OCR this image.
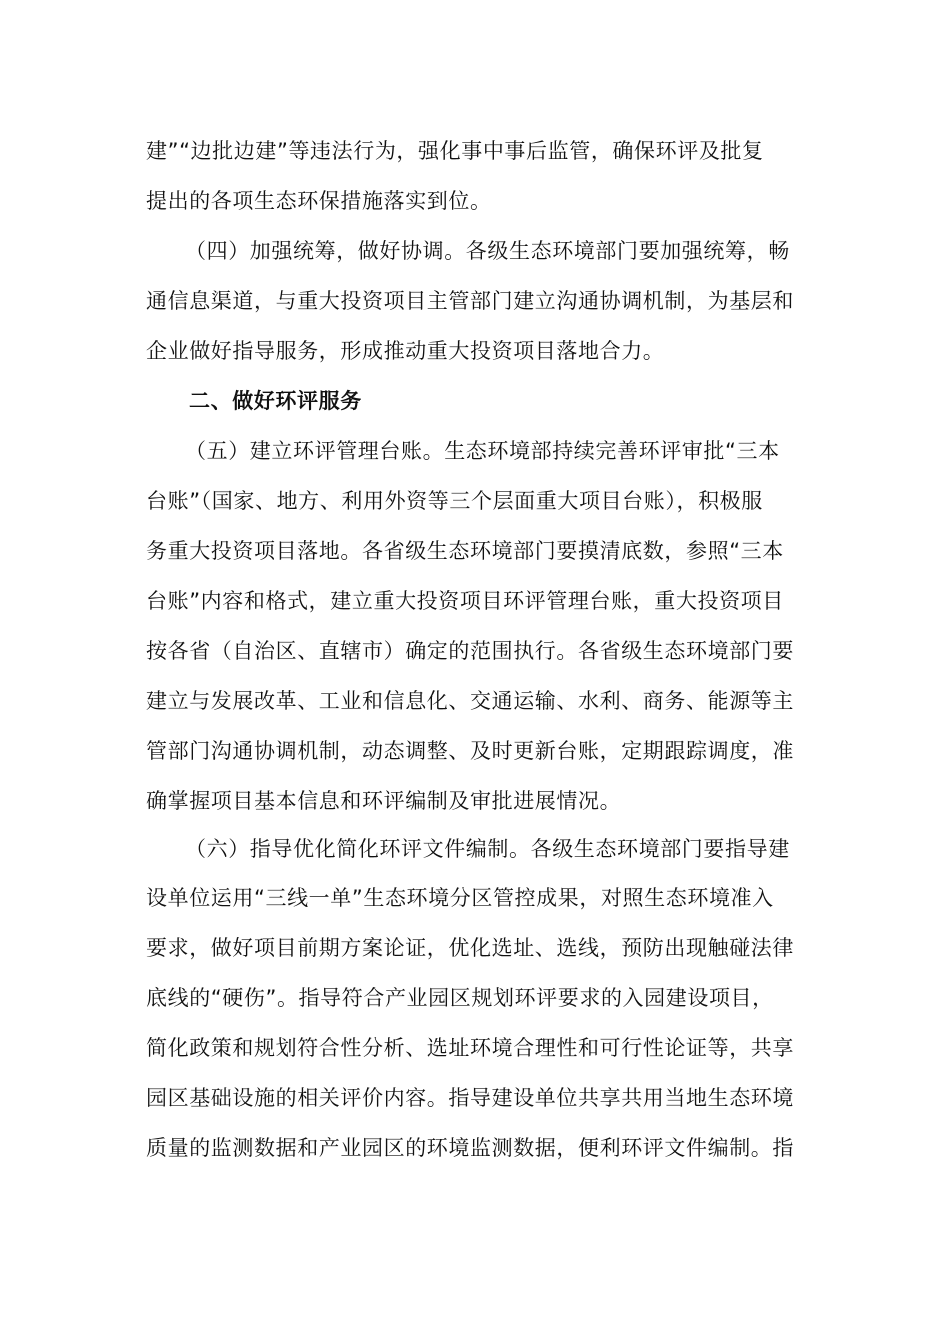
建”“边批边建”等违法行为，强化事中事后监管，确保环评及批复
提出的各项生态环保措施落实到位。
（四）加强统筹，做好协调。各级生态环境部门要加强统筹，畅
通信息渠道，与重大投资项目主管部门建立沟通协调机制，为基层和
企业做好指导服务，形成推动重大投资项目落地合力。
二、做好环评服务
（五）建立环评管理台账。生态环境部持续完善环评审批“三本
台账”（国家、地方、利用外资等三个层面重大项目台账），积极服
务重大投资项目落地。各省级生态环境部门要摸清底数，参照“三本
台账”内容和格式，建立重大投资项目环评管理台账，重大投资项目
按各省（自治区、直辖市）确定的范围执行。各省级生态环境部门要
建立与发展改革、工业和信息化、交通运输、水利、商务、能源等主
管部门沟通协调机制，动态调整、及时更新台账，定期跟踪调度，准
确掌握项目基本信息和环评编制及审批进展情况。
（六）指导优化简化环评文件编制。各级生态环境部门要指导建
设单位运用“三线一单”生态环境分区管控成果，对照生态环境准入
要求，做好项目前期方案论证，优化选址、选线，预防出现触碰法律
底线的“硬伤”。指导符合产业园区规划环评要求的入园建设项目，
简化政策和规划符合性分析、选址环境合理性和可行性论证等，共享
园区基础设施的相关评价内容。指导建设单位共享共用当地生态环境
质量的监测数据和产业园区的环境监测数据，便利环评文件编制。指
